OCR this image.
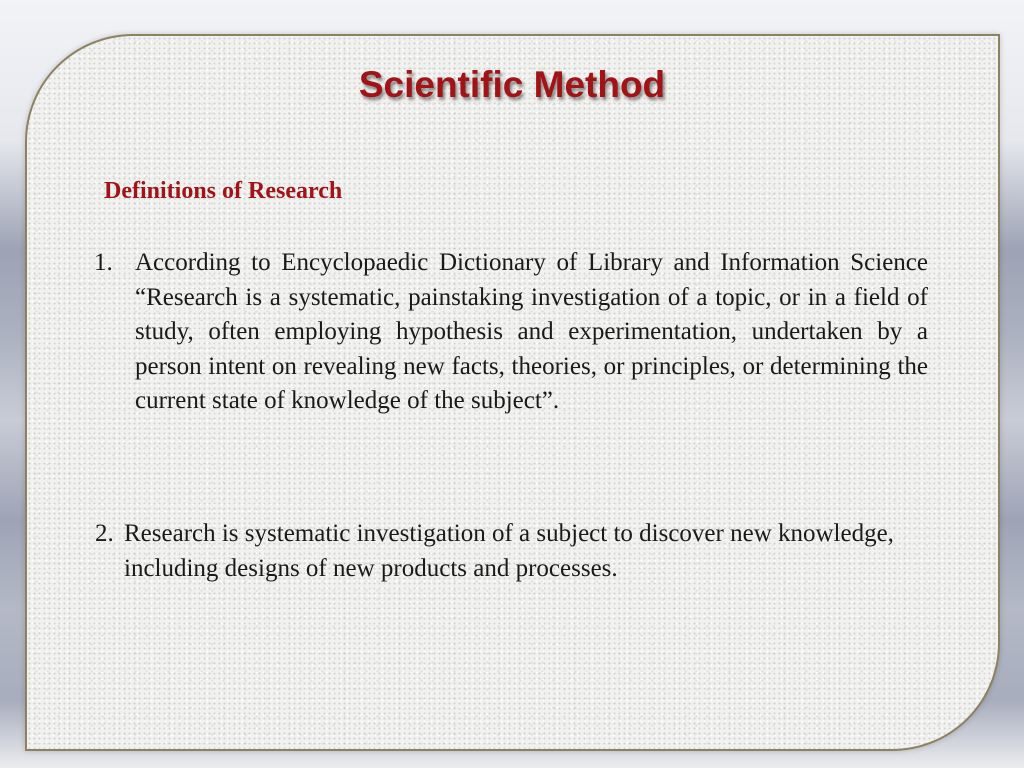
Scientific Method
Definitions of Research
1. According to Encyclopaedic Dictionary of Library and Information Science “Research is a systematic, painstaking investigation of a topic, or in a field of study, often employing hypothesis and experimentation, undertaken by a person intent on revealing new facts, theories, or principles, or determining the current state of knowledge of the subject”.
2. Research is systematic investigation of a subject to discover new knowledge, including designs of new products and processes.
